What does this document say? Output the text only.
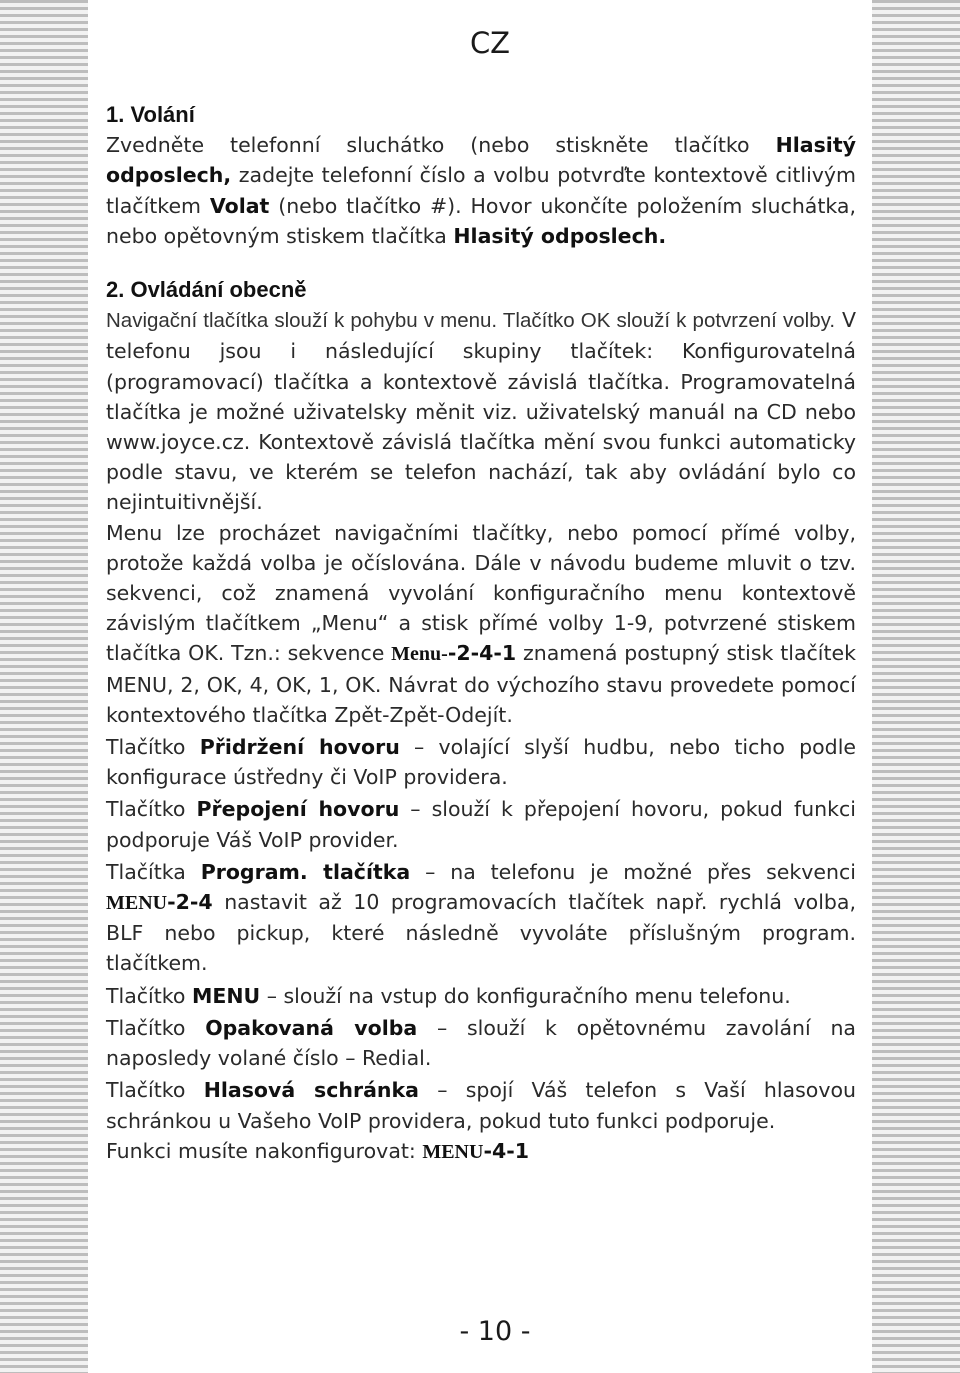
CZ

1. Volání

Zvedněte telefonní sluchátko (nebo stiskněte tlačítko Hlasitý odposlech, zadejte telefonní číslo a volbu potvrďte kontextově citlivým tlačítkem Volat (nebo tlačítko #). Hovor ukončíte položením sluchátka, nebo opětovným stiskem tlačítka Hlasitý odposlech.

2. Ovládání obecně

Navigační tlačítka slouží k pohybu v menu. Tlačítko OK slouží k potvrzení volby. V telefonu jsou i následující skupiny tlačítek: Konfigurovatelná (programovací) tlačítka a kontextově závislá tlačítka. Programovatelná tlačítka je možné uživatelsky měnit viz. uživatelský manuál na CD nebo www.joyce.cz. Kontextově závislá tlačítka mění svou funkci automaticky podle stavu, ve kterém se telefon nachází, tak aby ovládání bylo co nejintuitivnější.

Menu lze procházet navigačními tlačítky, nebo pomocí přímé volby, protože každá volba je očíslována. Dále v návodu budeme mluvit o tzv. sekvenci, což znamená vyvolání konfiguračního menu kontextově závislým tlačítkem „Menu“ a stisk přímé volby 1-9, potvrzené stiskem tlačítka OK. Tzn.: sekvence Menu--2-4-1 znamená postupný stisk tlačítek MENU, 2, OK, 4, OK, 1, OK. Návrat do výchozího stavu provedete pomocí kontextového tlačítka Zpět-Zpět-Odejít.

Tlačítko Přidržení hovoru – volající slyší hudbu, nebo ticho podle konfigurace ústředny či VoIP providera.

Tlačítko Přepojení hovoru – slouží k přepojení hovoru, pokud funkci podporuje Váš VoIP provider.

Tlačítka Program. tlačítka – na telefonu je možné přes sekvenci MENU-2-4 nastavit až 10 programovacích tlačítek např. rychlá volba, BLF nebo pickup, které následně vyvoláte příslušným program. tlačítkem.

Tlačítko MENU – slouží na vstup do konfiguračního menu telefonu.

Tlačítko Opakovaná volba – slouží k opětovnému zavolání na naposledy volané číslo – Redial.

Tlačítko Hlasová schránka – spojí Váš telefon s Vaší hlasovou schránkou u Vašeho VoIP providera, pokud tuto funkci podporuje.

Funkci musíte nakonfigurovat: MENU-4-1

- 10 -
